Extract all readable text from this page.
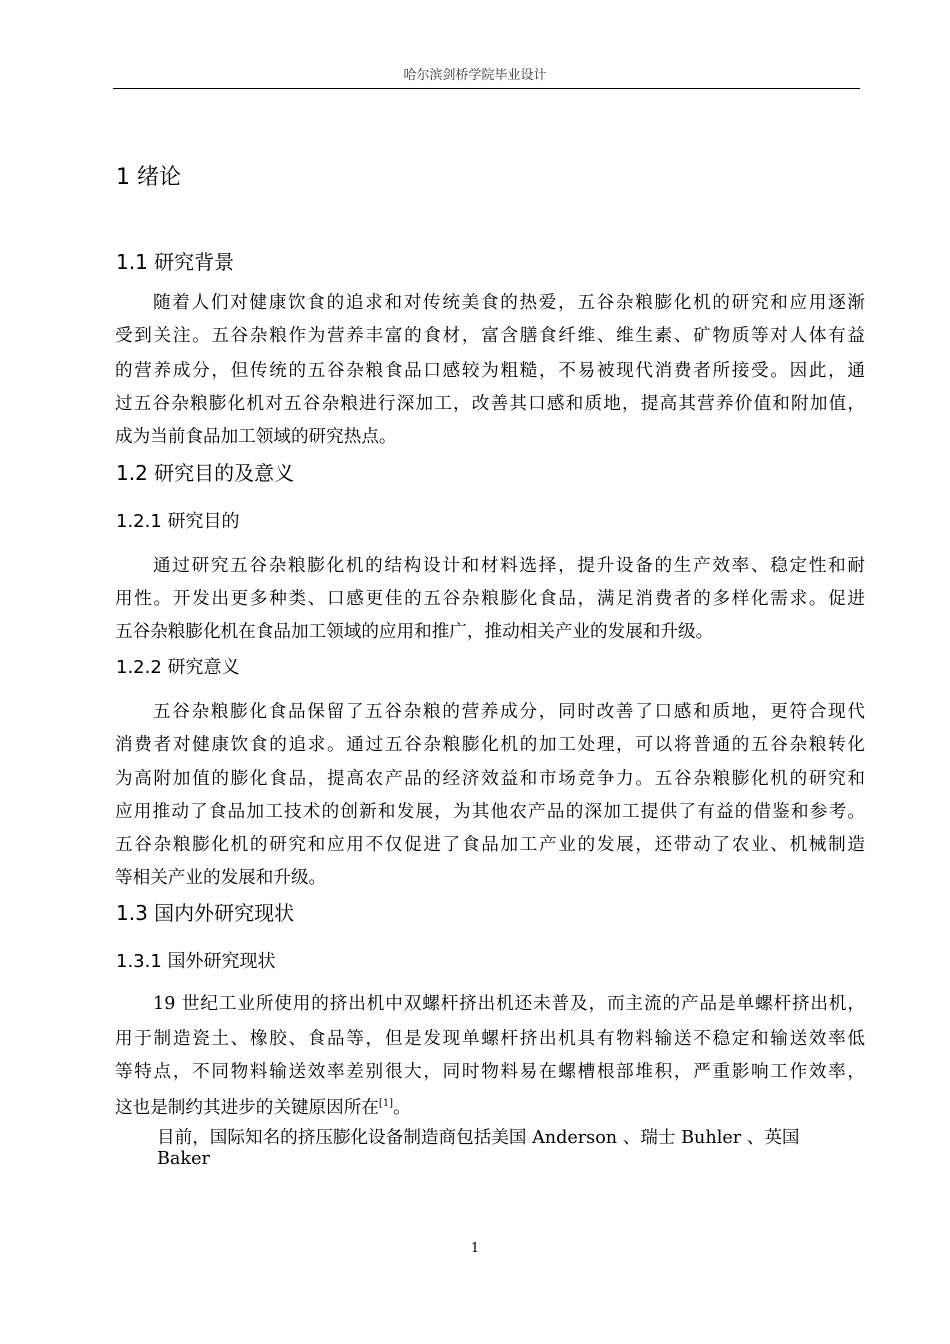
哈尔滨剑桥学院毕业设计
1 绪论
1.1 研究背景
随着人们对健康饮食的追求和对传统美食的热爱，五谷杂粮膨化机的研究和应用逐渐
受到关注。五谷杂粮作为营养丰富的食材，富含膳食纤维、维生素、矿物质等对人体有益
的营养成分，但传统的五谷杂粮食品口感较为粗糙，不易被现代消费者所接受。因此，通
过五谷杂粮膨化机对五谷杂粮进行深加工，改善其口感和质地，提高其营养价值和附加值，
成为当前食品加工领域的研究热点。
1.2 研究目的及意义
1.2.1 研究目的
通过研究五谷杂粮膨化机的结构设计和材料选择，提升设备的生产效率、稳定性和耐
用性。开发出更多种类、口感更佳的五谷杂粮膨化食品，满足消费者的多样化需求。促进
五谷杂粮膨化机在食品加工领域的应用和推广，推动相关产业的发展和升级。
1.2.2 研究意义
五谷杂粮膨化食品保留了五谷杂粮的营养成分，同时改善了口感和质地，更符合现代
消费者对健康饮食的追求。通过五谷杂粮膨化机的加工处理，可以将普通的五谷杂粮转化
为高附加值的膨化食品，提高农产品的经济效益和市场竞争力。五谷杂粮膨化机的研究和
应用推动了食品加工技术的创新和发展，为其他农产品的深加工提供了有益的借鉴和参考。
五谷杂粮膨化机的研究和应用不仅促进了食品加工产业的发展，还带动了农业、机械制造
等相关产业的发展和升级。
1.3 国内外研究现状
1.3.1 国外研究现状
19 世纪工业所使用的挤出机中双螺杆挤出机还未普及，而主流的产品是单螺杆挤出机，
用于制造瓷土、橡胶、食品等，但是发现单螺杆挤出机具有物料输送不稳定和输送效率低
等特点，不同物料输送效率差别很大，同时物料易在螺槽根部堆积，严重影响工作效率，
这也是制约其进步的关键原因所在[1]。
目前，国际知名的挤压膨化设备制造商包括美国 Anderson 、瑞士 Buhler 、英国 Baker
1
